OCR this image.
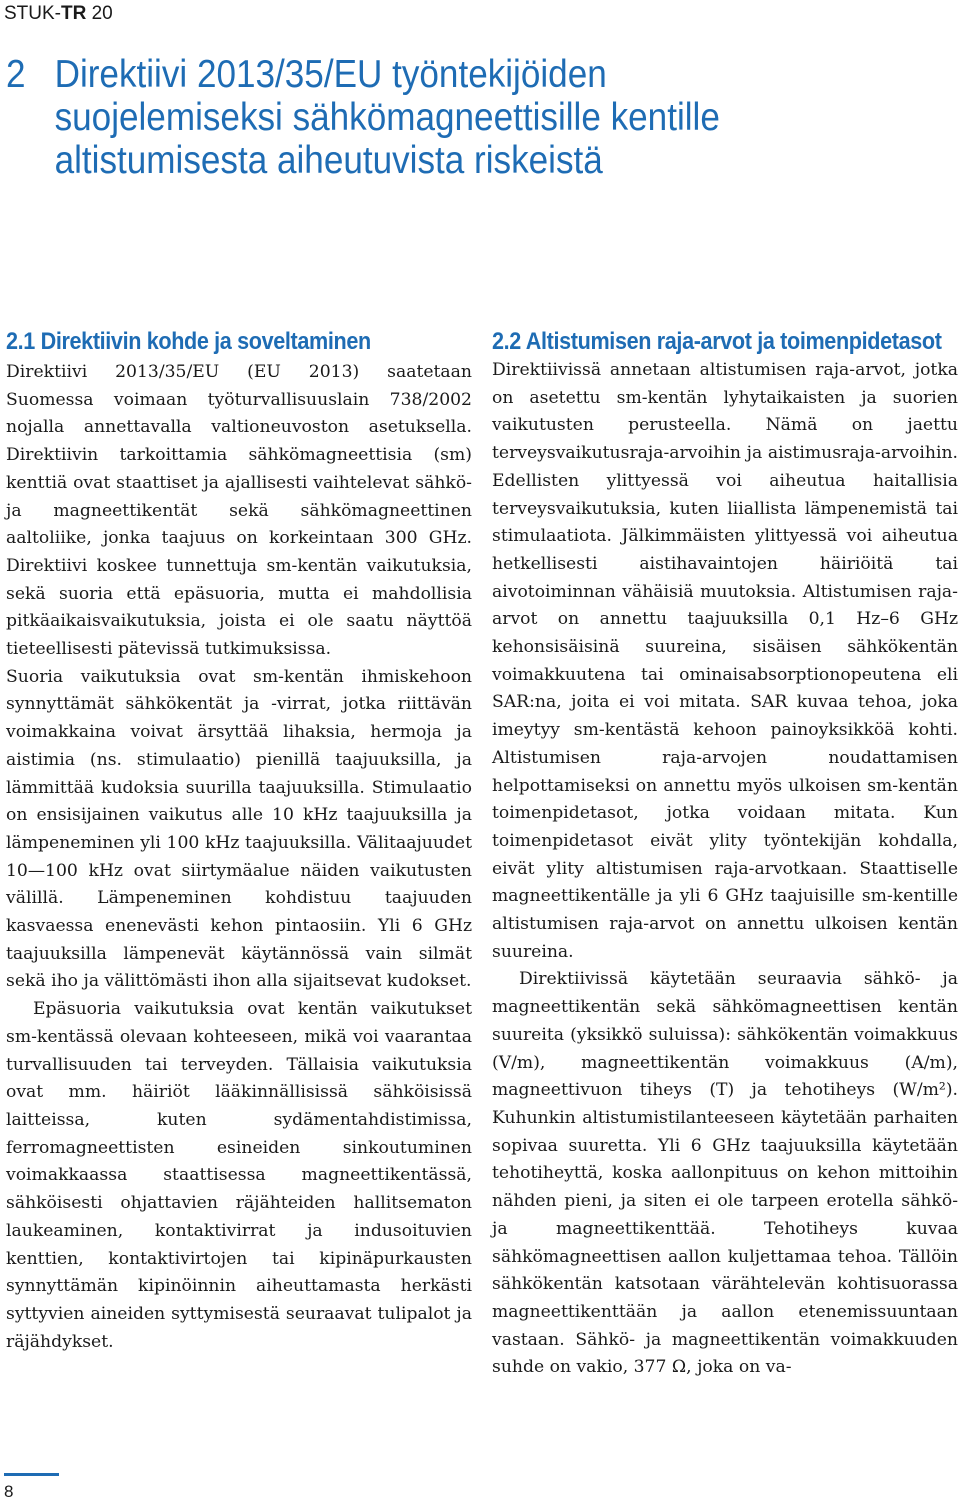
STUK-TR 20
2 Direktiivi 2013/35/EU työntekijöiden suojelemiseksi sähkömagneettisille kentille altistumisesta aiheutuvista riskeistä
2.1 Direktiivin kohde ja soveltaminen

Direktiivi 2013/35/EU (EU 2013) saatetaan Suomessa voimaan työturvallisuuslain 738/2002 nojalla annettavalla valtioneuvoston asetuksella. Direktiivin tarkoittamia sähkömagneettisia (sm) kenttiä ovat staattiset ja ajallisesti vaihtelevat sähkö- ja magneettikentät sekä sähkömagneettinen aaltoliike, jonka taajuus on korkeintaan 300 GHz. Direktiivi koskee tunnettuja sm-kentän vaikutuksia, sekä suoria että epäsuoria, mutta ei mahdollisia pitkäaikaisvaikutuksia, joista ei ole saatu näyttöä tieteellisesti pätevissä tutkimuksissa.

Suoria vaikutuksia ovat sm-kentän ihmiskehoon synnyttämät sähkökentät ja -virrat, jotka riittävän voimakkaina voivat ärsyttää lihaksia, hermoja ja aistimia (ns. stimulaatio) pienillä taajuuksilla, ja lämmittää kudoksia suurilla taajuuksilla. Stimulaatio on ensisijainen vaikutus alle 10 kHz taajuuksilla ja lämpeneminen yli 100 kHz taajuuksilla. Välitaajuudet 10—100 kHz ovat siirtymäalue näiden vaikutusten välillä. Lämpeneminen kohdistuu taajuuden kasvaessa enenevästi kehon pintaosiin. Yli 6 GHz taajuuksilla lämpenevät käytännössä vain silmät sekä iho ja välittömästi ihon alla sijaitsevat kudokset.

Epäsuoria vaikutuksia ovat kentän vaikutukset sm-kentässä olevaan kohteeseen, mikä voi vaarantaa turvallisuuden tai terveyden. Tällaisia vaikutuksia ovat mm. häiriöt lääkinnällisissä sähköisissä laitteissa, kuten sydämentahdistimissa, ferromagneettisten esineiden sinkoutuminen voimakkaassa staattisessa magneettikentässä, sähköisesti ohjattavien räjähteiden hallitsematon laukeaminen, kontaktivirrat ja indusoituvien kenttien, kontaktivirtojen tai kipinäpurkausten synnyttämän kipinöinnin aiheuttamasta herkästi syttyvien aineiden syttymisestä seuraavat tulipalot ja räjähdykset.

2.2 Altistumisen raja-arvot ja toimenpidetasot

Direktiivissä annetaan altistumisen raja-arvot, jotka on asetettu sm-kentän lyhytaikaisten ja suorien vaikutusten perusteella. Nämä on jaettu terveysvaikutusraja-arvoihin ja aistimusraja-arvoihin. Edellisten ylittyessä voi aiheutua haitallisia terveysvaikutuksia, kuten liiallista lämpenemistä tai stimulaatiota. Jälkimmäisten ylittyessä voi aiheutua hetkellisesti aistihavaintojen häiriöitä tai aivotoiminnan vähäisiä muutoksia. Altistumisen raja-arvot on annettu taajuuksilla 0,1 Hz–6 GHz kehonsisäisinä suureina, sisäisen sähkökentän voimakkuutena tai ominaisabsorptionopeutena eli SAR:na, joita ei voi mitata. SAR kuvaa tehoa, joka imeytyy sm-kentästä kehoon painoyksikköä kohti. Altistumisen raja-arvojen noudattamisen helpottamiseksi on annettu myös ulkoisen sm-kentän toimenpidetasot, jotka voidaan mitata. Kun toimenpidetasot eivät ylity työntekijän kohdalla, eivät ylity altistumisen raja-arvotkaan. Staattiselle magneettikentälle ja yli 6 GHz taajuisille sm-kentille altistumisen raja-arvot on annettu ulkoisen kentän suureina.

Direktiivissä käytetään seuraavia sähkö- ja magneettikentän sekä sähkömagneettisen kentän suureita (yksikkö suluissa): sähkökentän voimakkuus (V/m), magneettikentän voimakkuus (A/m), magneettivuon tiheys (T) ja tehotiheys (W/m²). Kuhunkin altistumistilanteeseen käytetään parhaiten sopivaa suuretta. Yli 6 GHz taajuuksilla käytetään tehotiheyttä, koska aallonpituus on kehon mittoihin nähden pieni, ja siten ei ole tarpeen erotella sähkö- ja magneettikenttää. Tehotiheys kuvaa sähkömagneettisen aallon kuljettamaa tehoa. Tällöin sähkökentän katsotaan värähtelevän kohtisuorassa magneettikenttään ja aallon etenemissuuntaan vastaan. Sähkö- ja magneettikentän voimakkuuden suhde on vakio, 377 Ω, joka on va-

8
